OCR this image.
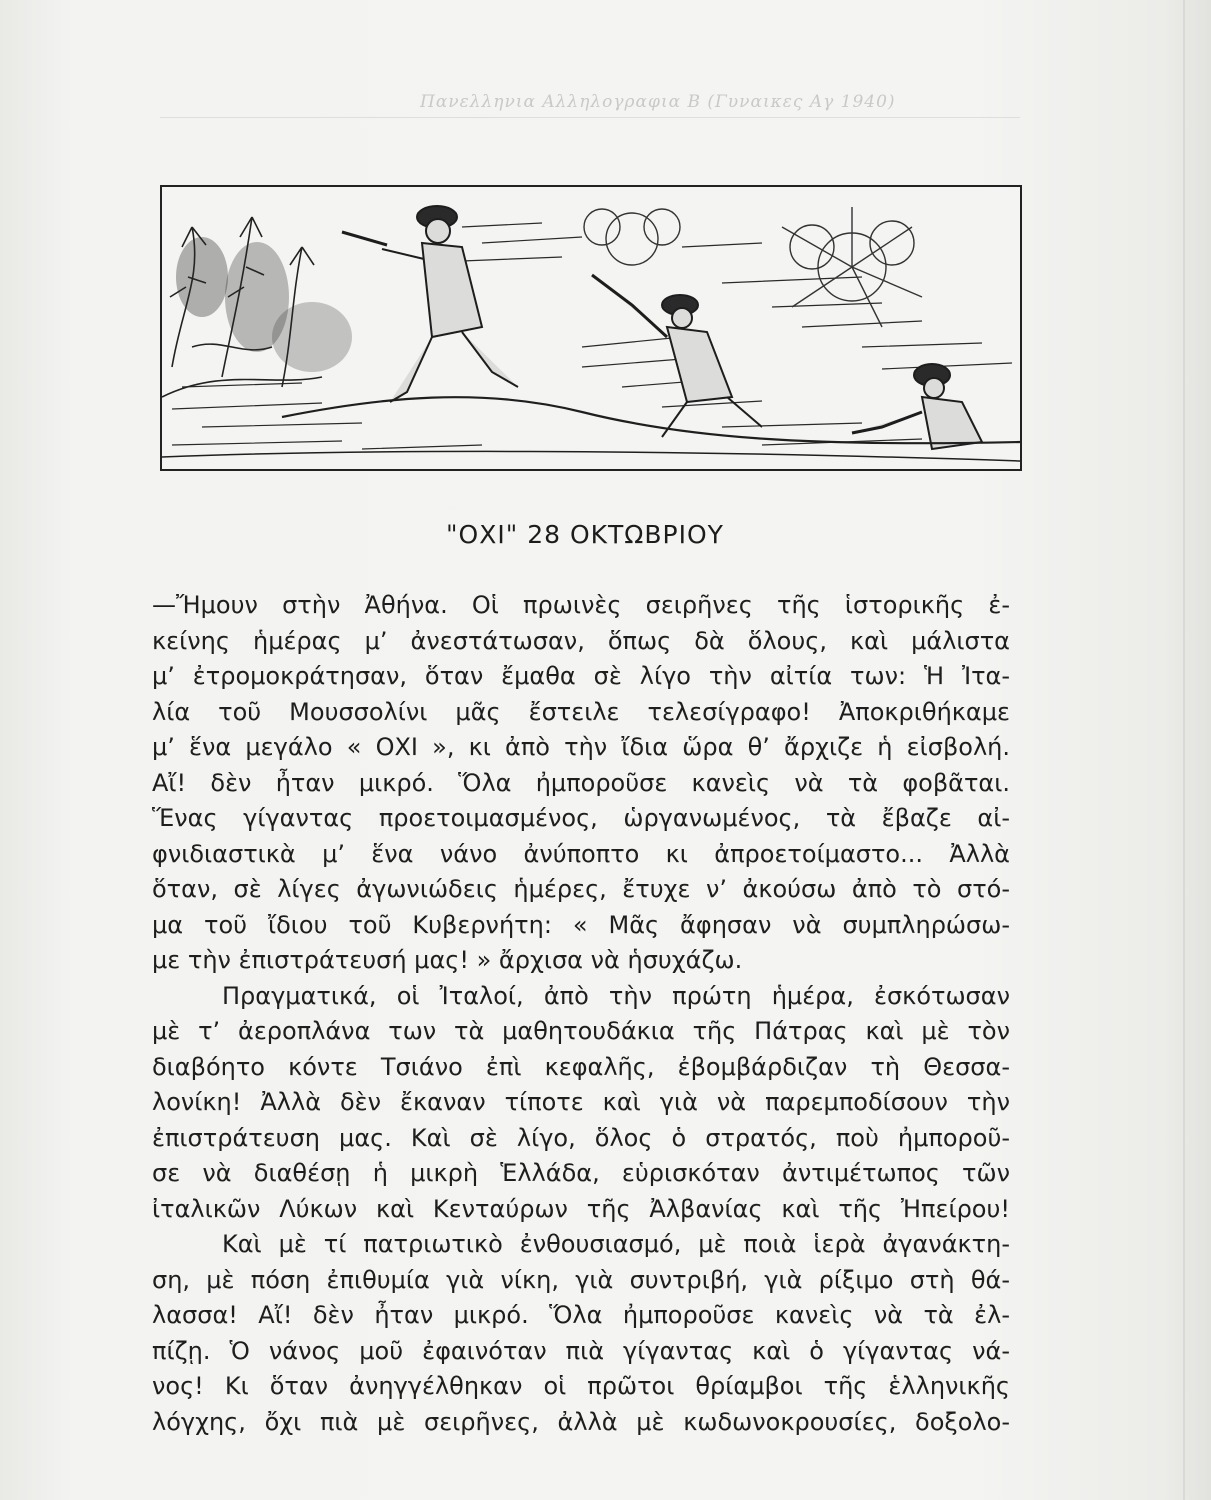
Πανελληνια Αλληλογραφια Β (Γυναικες Αγ 1940)
"ΟΧΙ" 28 ΟΚΤΩΒΡΙΟΥ

—Ἤμουν στὴν Ἀθήνα. Οἱ πρωινὲς σειρῆνες τῆς ἱστορικῆς ἐ-
κείνης ἡμέρας μ’ ἀνεστάτωσαν, ὅπως δὰ ὅλους, καὶ μάλιστα
μ’ ἐτρομοκράτησαν, ὅταν ἔμαθα σὲ λίγο τὴν αἰτία των: Ἡ Ἰτα-
λία τοῦ Μουσσολίνι μᾶς ἔστειλε τελεσίγραφο! Ἀποκριθήκαμε
μ’ ἕνα μεγάλο « ΟΧΙ », κι ἀπὸ τὴν ἴδια ὥρα θ’ ἄρχιζε ἡ εἰσβολή.
Αἴ! δὲν ἦταν μικρό. Ὅλα ἠμποροῦσε κανεὶς νὰ τὰ φοβᾶται.
Ἕνας γίγαντας προετοιμασμένος, ὡργανωμένος, τὰ ἔβαζε αἰ-
φνιδιαστικὰ μ’ ἕνα νάνο ἀνύποπτο κι ἀπροετοίμαστο... Ἀλλὰ
ὅταν, σὲ λίγες ἀγωνιώδεις ἡμέρες, ἔτυχε ν’ ἀκούσω ἀπὸ τὸ στό-
μα τοῦ ἴδιου τοῦ Κυβερνήτη: « Μᾶς ἄφησαν νὰ συμπληρώσω-
με τὴν ἐπιστράτευσή μας! » ἄρχισα νὰ ἡσυχάζω.

Πραγματικά, οἱ Ἰταλοί, ἀπὸ τὴν πρώτη ἡμέρα, ἐσκότωσαν
μὲ τ’ ἀεροπλάνα των τὰ μαθητουδάκια τῆς Πάτρας καὶ μὲ τὸν
διαβόητο κόντε Τσιάνο ἐπὶ κεφαλῆς, ἐβομβάρδιζαν τὴ Θεσσα-
λονίκη! Ἀλλὰ δὲν ἔκαναν τίποτε καὶ γιὰ νὰ παρεμποδίσουν τὴν
ἐπιστράτευση μας. Καὶ σὲ λίγο, ὅλος ὁ στρατός, ποὺ ἠμποροῦ-
σε νὰ διαθέσῃ ἡ μικρὴ Ἑλλάδα, εὑρισκόταν ἀντιμέτωπος τῶν
ἰταλικῶν Λύκων καὶ Κενταύρων τῆς Ἀλβανίας καὶ τῆς Ἠπείρου!

Καὶ μὲ τί πατριωτικὸ ἐνθουσιασμό, μὲ ποιὰ ἱερὰ ἀγανάκτη-
ση, μὲ πόση ἐπιθυμία γιὰ νίκη, γιὰ συντριβή, γιὰ ρίξιμο στὴ θά-
λασσα! Αἴ! δὲν ἦταν μικρό. Ὅλα ἠμποροῦσε κανεὶς νὰ τὰ ἐλ-
πίζῃ. Ὁ νάνος μοῦ ἐφαινόταν πιὰ γίγαντας καὶ ὁ γίγαντας νά-
νος! Κι ὅταν ἀνηγγέλθηκαν οἱ πρῶτοι θρίαμβοι τῆς ἑλληνικῆς
λόγχης, ὄχι πιὰ μὲ σειρῆνες, ἀλλὰ μὲ κωδωνοκρουσίες, δοξολο-
